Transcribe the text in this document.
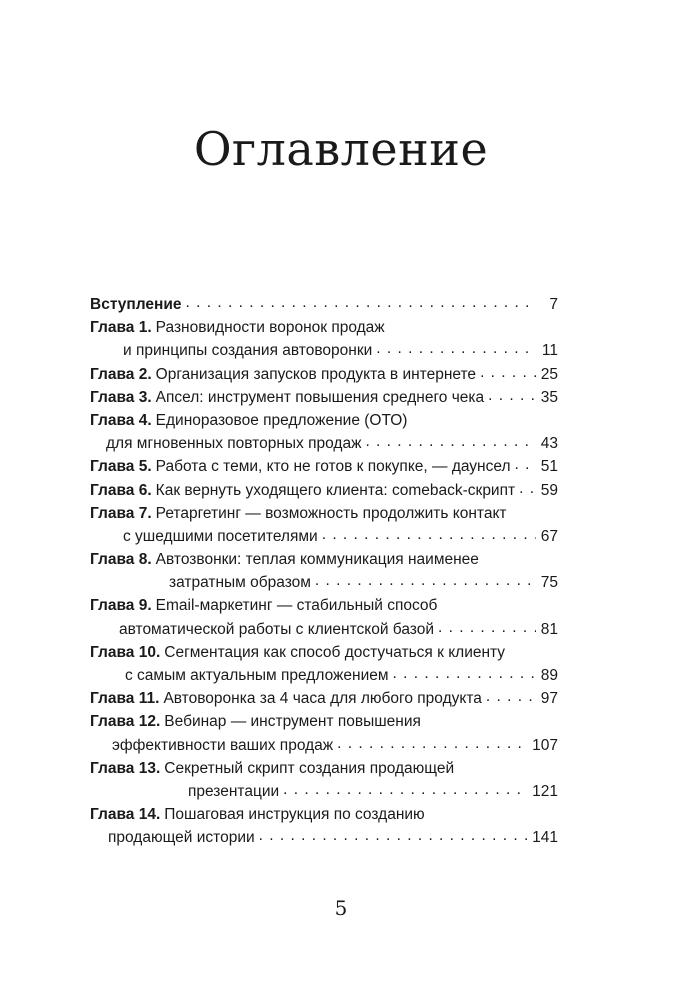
Оглавление
Вступление . . .	7
Глава 1. Разновидности воронок продаж
и принципы создания автоворонки . . .	11
Глава 2. Организация запусков продукта в интернете . . .	25
Глава 3. Апсел: инструмент повышения среднего чека . . .	35
Глава 4. Единоразовое предложение (ОТО)
для мгновенных повторных продаж . . .	43
Глава 5. Работа с теми, кто не готов к покупке, — даунсел . . . 51
Глава 6. Как вернуть уходящего клиента: comeback-скрипт . . . 59
Глава 7. Ретаргетинг — возможность продолжить контакт
с ушедшими посетителями . . .	67
Глава 8. Автозвонки: теплая коммуникация наименее
затратным образом . . .	75
Глава 9. Email-маркетинг — стабильный способ
автоматической работы с клиентской базой . . .	81
Глава 10. Сегментация как способ достучаться к клиенту
с самым актуальным предложением . . .	89
Глава 11. Автоворонка за 4 часа для любого продукта . . .	97
Глава 12. Вебинар — инструмент повышения
эффективности ваших продаж . . .	107
Глава 13. Секретный скрипт создания продающей
презентации . . .	121
Глава 14. Пошаговая инструкция по созданию
продающей истории . . .	141
5
